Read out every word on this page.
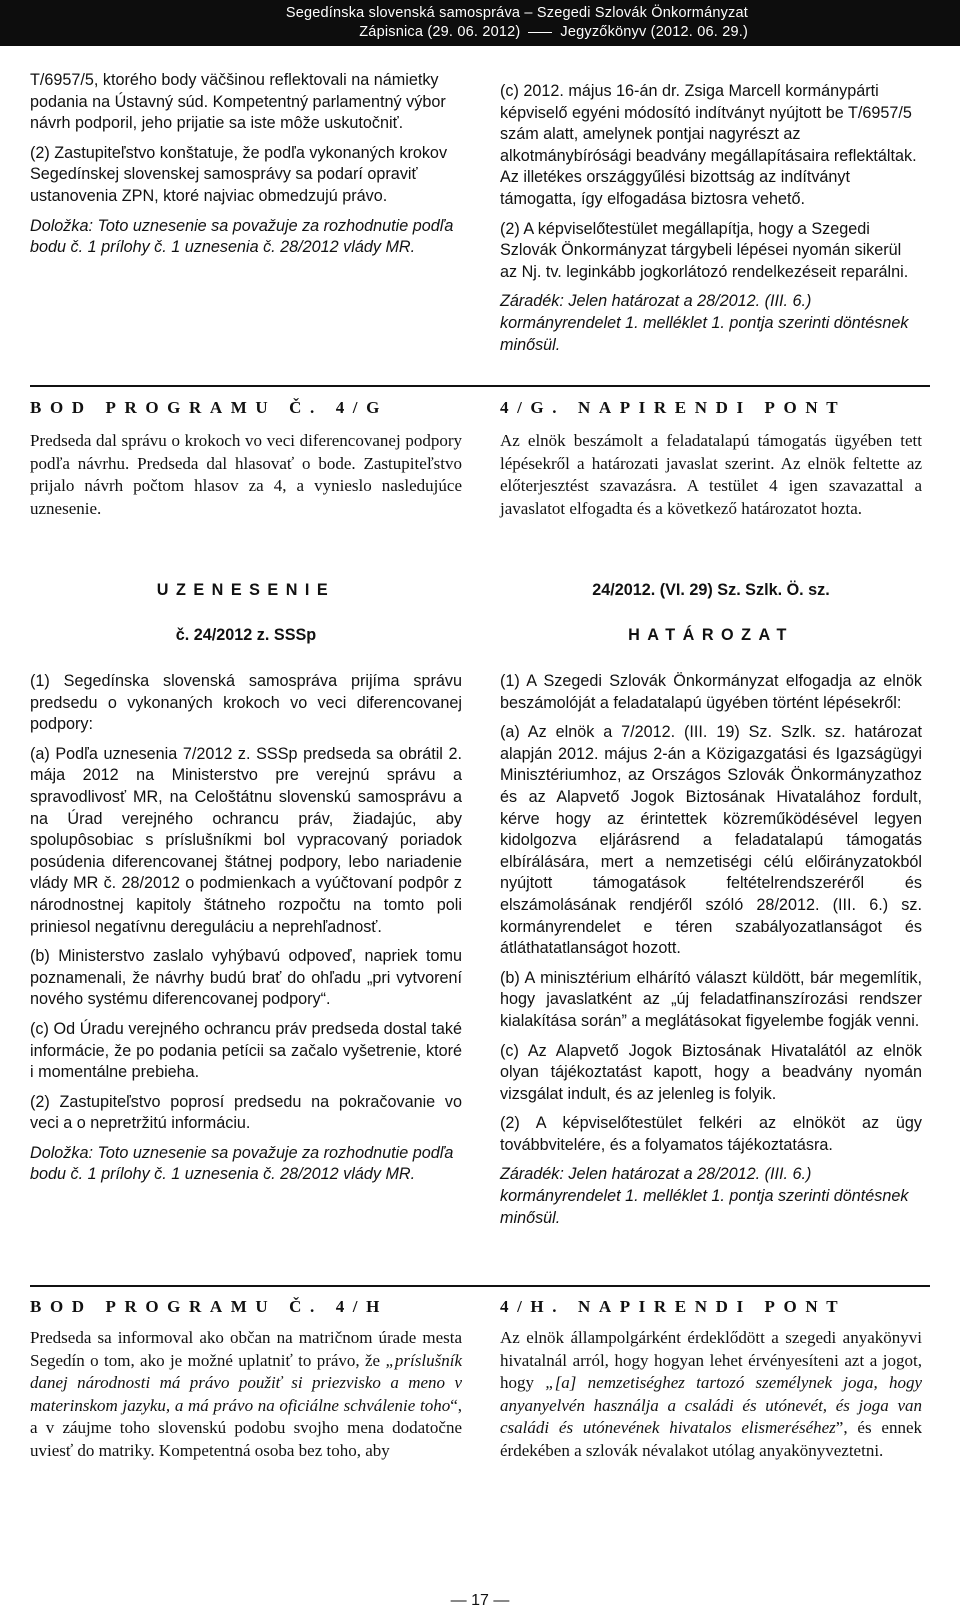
Segedínska slovenská samospráva – Szegedi Szlovák Önkormányzat
Zápisnica (29. 06. 2012)	Jegyzőkönyv (2012. 06. 29.)

T/6957/5, ktorého body väčšinou reflektovali na námietky podania na Ústavný súd. Kompetentný parlamentný výbor návrh podporil, jeho prijatie sa iste môže uskutočniť.

(2) Zastupiteľstvo konštatuje, že podľa vykonaných krokov Segedínskej slovenskej samosprávy sa podarí opraviť ustanovenia ZPN, ktoré najviac obmedzujú právo.

Doložka: Toto uznesenie sa považuje za rozhodnutie podľa bodu č. 1 prílohy č. 1 uznesenia č. 28/2012 vlády MR.

(c) 2012. május 16-án dr. Zsiga Marcell kormánypárti képviselő egyéni módosító indítványt nyújtott be T/6957/5 szám alatt, amelynek pontjai nagyrészt az alkotmánybírósági beadvány megállapításaira reflektáltak. Az illetékes országgyűlési bizottság az indítványt támogatta, így elfogadása biztosra vehető.

(2) A képviselőtestület megállapítja, hogy a Szegedi Szlovák Önkormányzat tárgybeli lépései nyomán sikerül az Nj. tv. leginkább jogkorlátozó rendelkezéseit reparálni.

Záradék: Jelen határozat a 28/2012. (III. 6.) kormányrendelet 1. melléklet 1. pontja szerinti döntésnek minősül.

BOD PROGRAMU Č. 4/G	4/G. NAPIRENDI PONT

Predseda dal správu o krokoch vo veci diferencovanej podpory podľa návrhu. Predseda dal hlasovať o bode. Zastupiteľstvo prijalo návrh počtom hlasov za 4, a vynieslo nasledujúce uznesenie.

Az elnök beszámolt a feladatalapú támogatás ügyében tett lépésekről a határozati javaslat szerint. Az elnök feltette az előterjesztést szavazásra. A testület 4 igen szavazattal a javaslatot elfogadta és a következő határozatot hozta.

UZENESENIE	24/2012. (VI. 29) Sz. Szlk. Ö. sz.
č. 24/2012 z. SSSp	HATÁROZAT

(1) Segedínska slovenská samospráva prijíma správu predsedu o vykonaných krokoch vo veci diferencovanej podpory:

(a) Podľa uznesenia 7/2012 z. SSSp predseda sa obrátil 2. mája 2012 na Ministerstvo pre verejnú správu a spravodlivosť MR, na Celoštátnu slovenskú samosprávu a na Úrad verejného ochrancu práv, žiadajúc, aby spolupôsobiac s príslušníkmi bol vypracovaný poriadok posúdenia diferencovanej štátnej podpory, lebo nariadenie vlády MR č. 28/2012 o podmienkach a vyúčtovaní podpôr z národnostnej kapitoly štátneho rozpočtu na tomto poli priniesol negatívnu dereguláciu a neprehľadnosť.

(b) Ministerstvo zaslalo vyhýbavú odpoveď, napriek tomu poznamenali, že návrhy budú brať do ohľadu „pri vytvorení nového systému diferencovanej podpory“.

(c) Od Úradu verejného ochrancu práv predseda dostal také informácie, že po podania petícii sa začalo vyšetrenie, ktoré i momentálne prebieha.

(2) Zastupiteľstvo poprosí predsedu na pokračovanie vo veci a o nepretržitú informáciu.

Doložka: Toto uznesenie sa považuje za rozhodnutie podľa bodu č. 1 prílohy č. 1 uznesenia č. 28/2012 vlády MR.

(1) A Szegedi Szlovák Önkormányzat elfogadja az elnök beszámolóját a feladatalapú ügyében történt lépésekről:

(a) Az elnök a 7/2012. (III. 19) Sz. Szlk. sz. határozat alapján 2012. május 2-án a Közigazgatási és Igazságügyi Minisztériumhoz, az Országos Szlovák Önkormányzathoz és az Alapvető Jogok Biztosának Hivatalához fordult, kérve hogy az érintettek közreműködésével legyen kidolgozva eljárásrend a feladatalapú támogatás elbírálására, mert a nemzetiségi célú előirányzatokból nyújtott támogatások feltételrendszeréről és elszámolásának rendjéről szóló 28/2012. (III. 6.) sz. kormányrendelet e téren szabályozatlanságot és átláthatatlanságot hozott.

(b) A minisztérium elhárító választ küldött, bár megemlítik, hogy javaslatként az „új feladatfinanszírozási rendszer kialakítása során” a meglátásokat figyelembe fogják venni.

(c) Az Alapvető Jogok Biztosának Hivatalától az elnök olyan tájékoztatást kapott, hogy a beadvány nyomán vizsgálat indult, és az jelenleg is folyik.

(2) A képviselőtestület felkéri az elnököt az ügy továbbvitelére, és a folyamatos tájékoztatásra.

Záradék: Jelen határozat a 28/2012. (III. 6.) kormányrendelet 1. melléklet 1. pontja szerinti döntésnek minősül.

BOD PROGRAMU Č. 4/H	4/H. NAPIRENDI PONT

Predseda sa informoval ako občan na matričnom úrade mesta Segedín o tom, ako je možné uplatniť to právo, že „príslušník danej národnosti má právo použiť si priezvisko a meno v materinskom jazyku, a má právo na oficiálne schválenie toho“, a v záujme toho slovenskú podobu svojho mena dodatočne uviesť do matriky. Kompetentná osoba bez toho, aby

Az elnök állampolgárként érdeklődött a szegedi anyakönyvi hivatalnál arról, hogy hogyan lehet érvényesíteni azt a jogot, hogy „[a] nemzetiséghez tartozó személynek joga, hogy anyanyelvén használja a családi és utónevét, és joga van családi és utónevének hivatalos elismeréséhez”, és ennek érdekében a szlovák névalakot utólag anyakönyveztetni.

— 17 —
